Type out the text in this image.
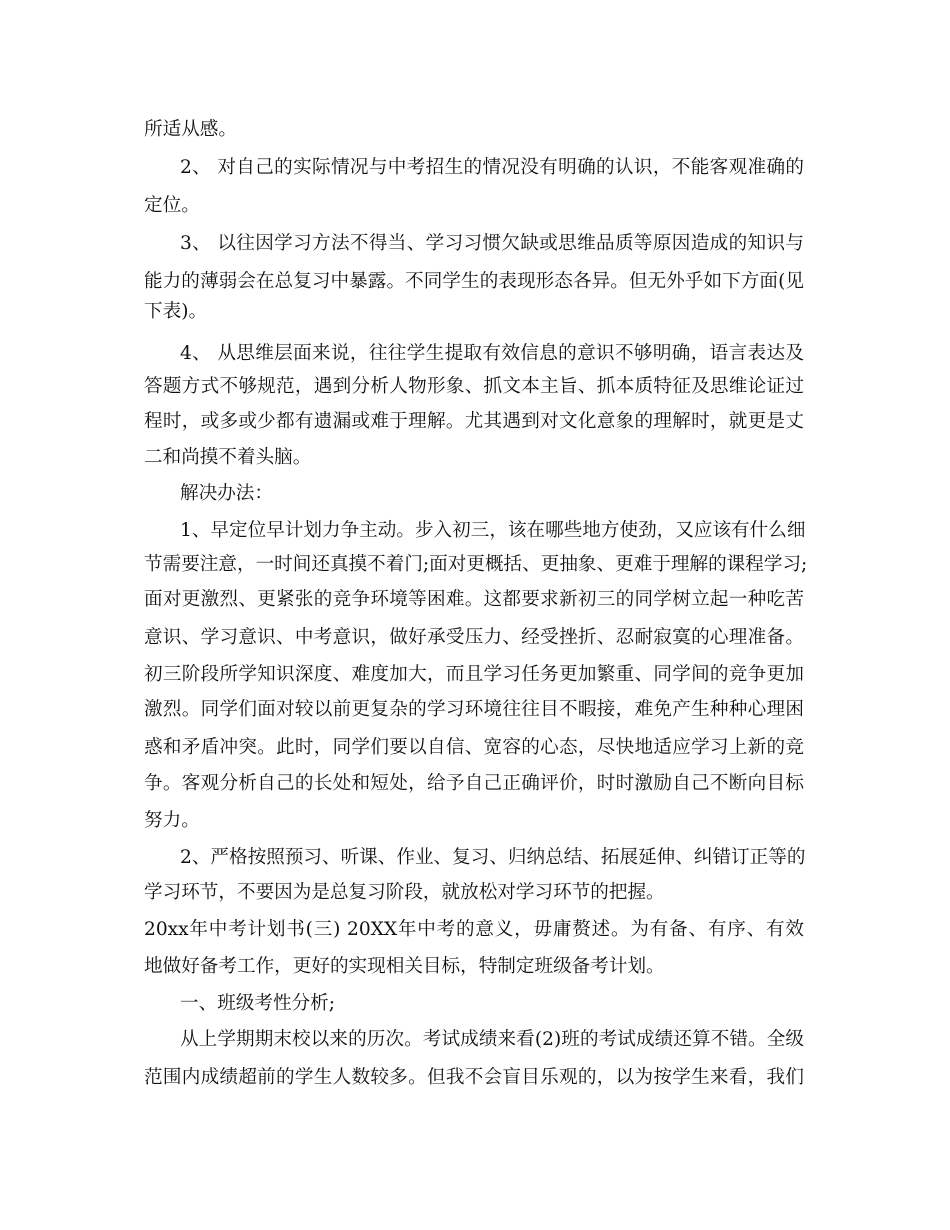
所适从感。

2、 对自己的实际情况与中考招生的情况没有明确的认识，不能客观准确的

定位。

3、 以往因学习方法不得当、学习习惯欠缺或思维品质等原因造成的知识与

能力的薄弱会在总复习中暴露。不同学生的表现形态各异。但无外乎如下方面(见

下表)。

4、 从思维层面来说，往往学生提取有效信息的意识不够明确，语言表达及

答题方式不够规范，遇到分析人物形象、抓文本主旨、抓本质特征及思维论证过

程时，或多或少都有遗漏或难于理解。尤其遇到对文化意象的理解时，就更是丈

二和尚摸不着头脑。

解决办法：

1、早定位早计划力争主动。步入初三，该在哪些地方使劲，又应该有什么细

节需要注意，一时间还真摸不着门;面对更概括、更抽象、更难于理解的课程学习;

面对更激烈、更紧张的竞争环境等困难。这都要求新初三的同学树立起一种吃苦

意识、学习意识、中考意识，做好承受压力、经受挫折、忍耐寂寞的心理准备。

初三阶段所学知识深度、难度加大，而且学习任务更加繁重、同学间的竞争更加

激烈。同学们面对较以前更复杂的学习环境往往目不暇接，难免产生种种心理困

惑和矛盾冲突。此时，同学们要以自信、宽容的心态，尽快地适应学习上新的竞

争。客观分析自己的长处和短处，给予自己正确评价，时时激励自己不断向目标

努力。

2、严格按照预习、听课、作业、复习、归纳总结、拓展延伸、纠错订正等的

学习环节，不要因为是总复习阶段，就放松对学习环节的把握。

20xx年中考计划书(三) 20XX年中考的意义，毋庸赘述。为有备、有序、有效

地做好备考工作，更好的实现相关目标，特制定班级备考计划。

一、班级考性分析;

从上学期期末校以来的历次。考试成绩来看(2)班的考试成绩还算不错。全级

范围内成绩超前的学生人数较多。但我不会盲目乐观的，以为按学生来看，我们
